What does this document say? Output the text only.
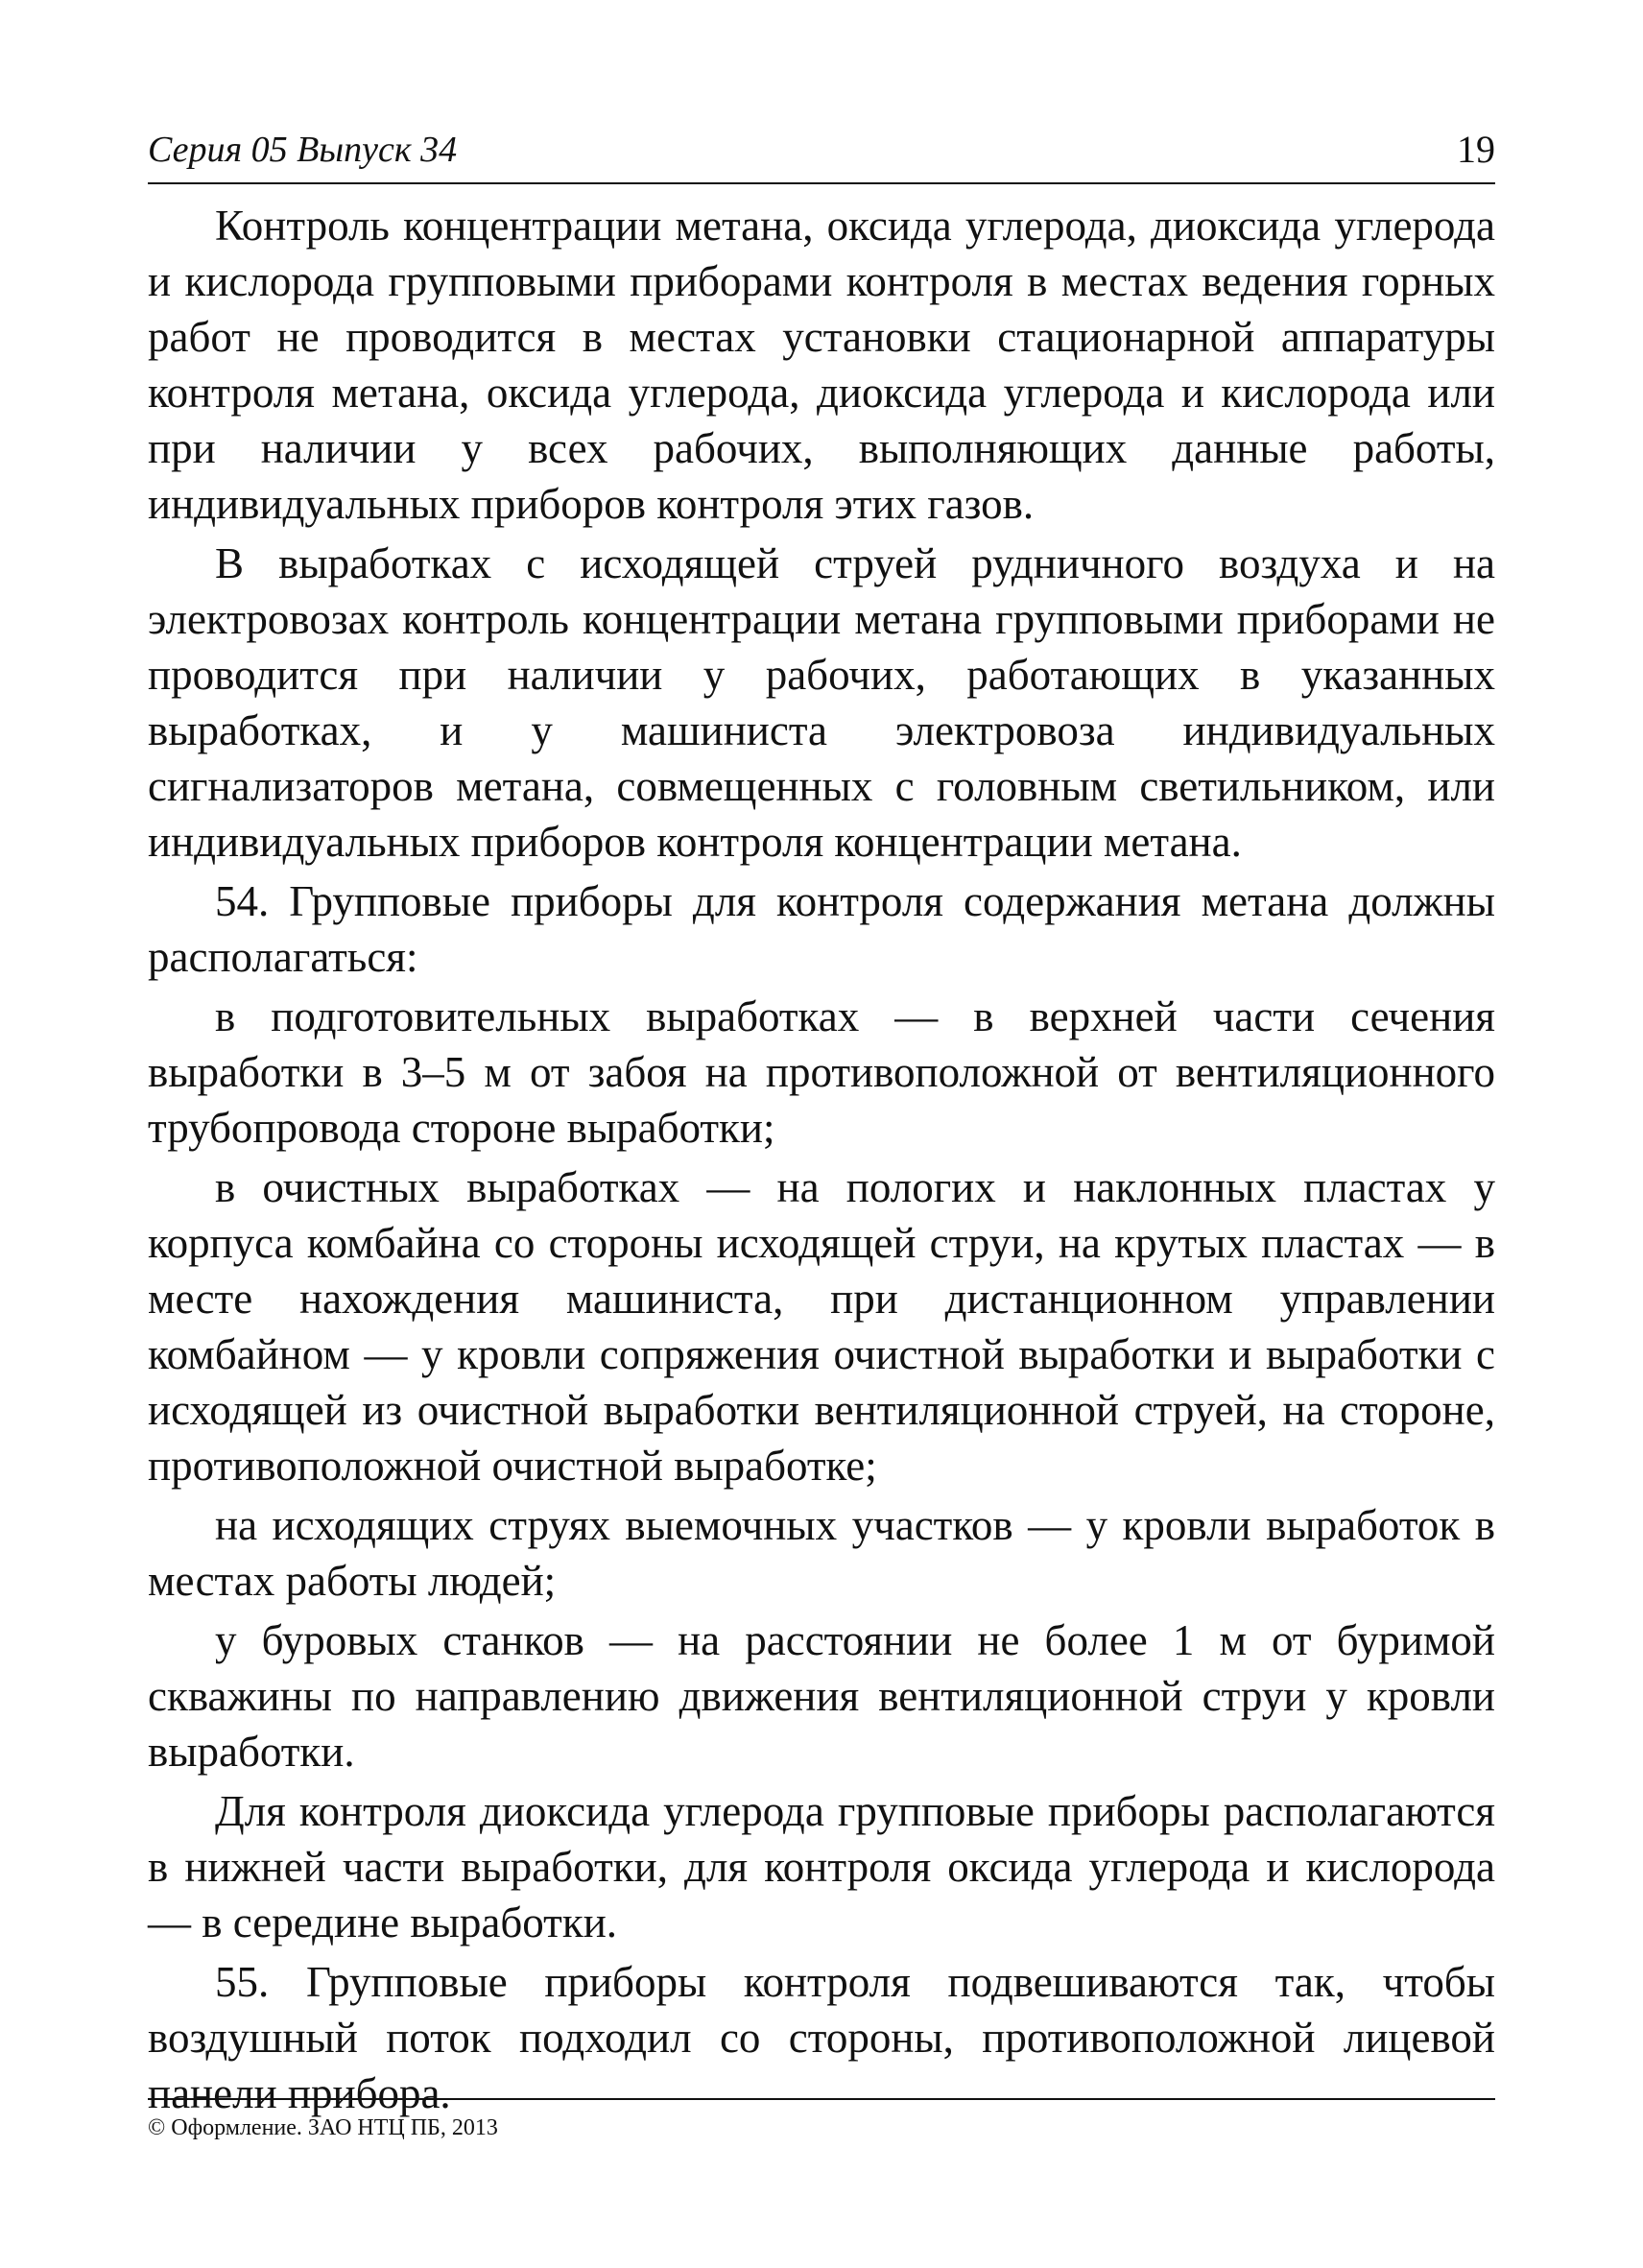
Серия 05 Выпуск 34	19

Контроль концентрации метана, оксида углерода, диоксида углерода и кислорода групповыми приборами контроля в местах ведения горных работ не проводится в местах установки стационарной аппаратуры контроля метана, оксида углерода, диоксида углерода и кислорода или при наличии у всех рабочих, выполняющих данные работы, индивидуальных приборов контроля этих газов.

В выработках с исходящей струей рудничного воздуха и на электровозах контроль концентрации метана групповыми приборами не проводится при наличии у рабочих, работающих в указанных выработках, и у машиниста электровоза индивидуальных сигнализаторов метана, совмещенных с головным светильником, или индивидуальных приборов контроля концентрации метана.

54. Групповые приборы для контроля содержания метана должны располагаться:

в подготовительных выработках — в верхней части сечения выработки в 3–5 м от забоя на противоположной от вентиляционного трубопровода стороне выработки;

в очистных выработках — на пологих и наклонных пластах у корпуса комбайна со стороны исходящей струи, на крутых пластах — в месте нахождения машиниста, при дистанционном управлении комбайном — у кровли сопряжения очистной выработки и выработки с исходящей из очистной выработки вентиляционной струей, на стороне, противоположной очистной выработке;

на исходящих струях выемочных участков — у кровли выработок в местах работы людей;

у буровых станков — на расстоянии не более 1 м от буримой скважины по направлению движения вентиляционной струи у кровли выработки.

Для контроля диоксида углерода групповые приборы располагаются в нижней части выработки, для контроля оксида углерода и кислорода — в середине выработки.

55. Групповые приборы контроля подвешиваются так, чтобы воздушный поток подходил со стороны, противоположной лицевой панели прибора.

© Оформление. ЗАО НТЦ ПБ, 2013
